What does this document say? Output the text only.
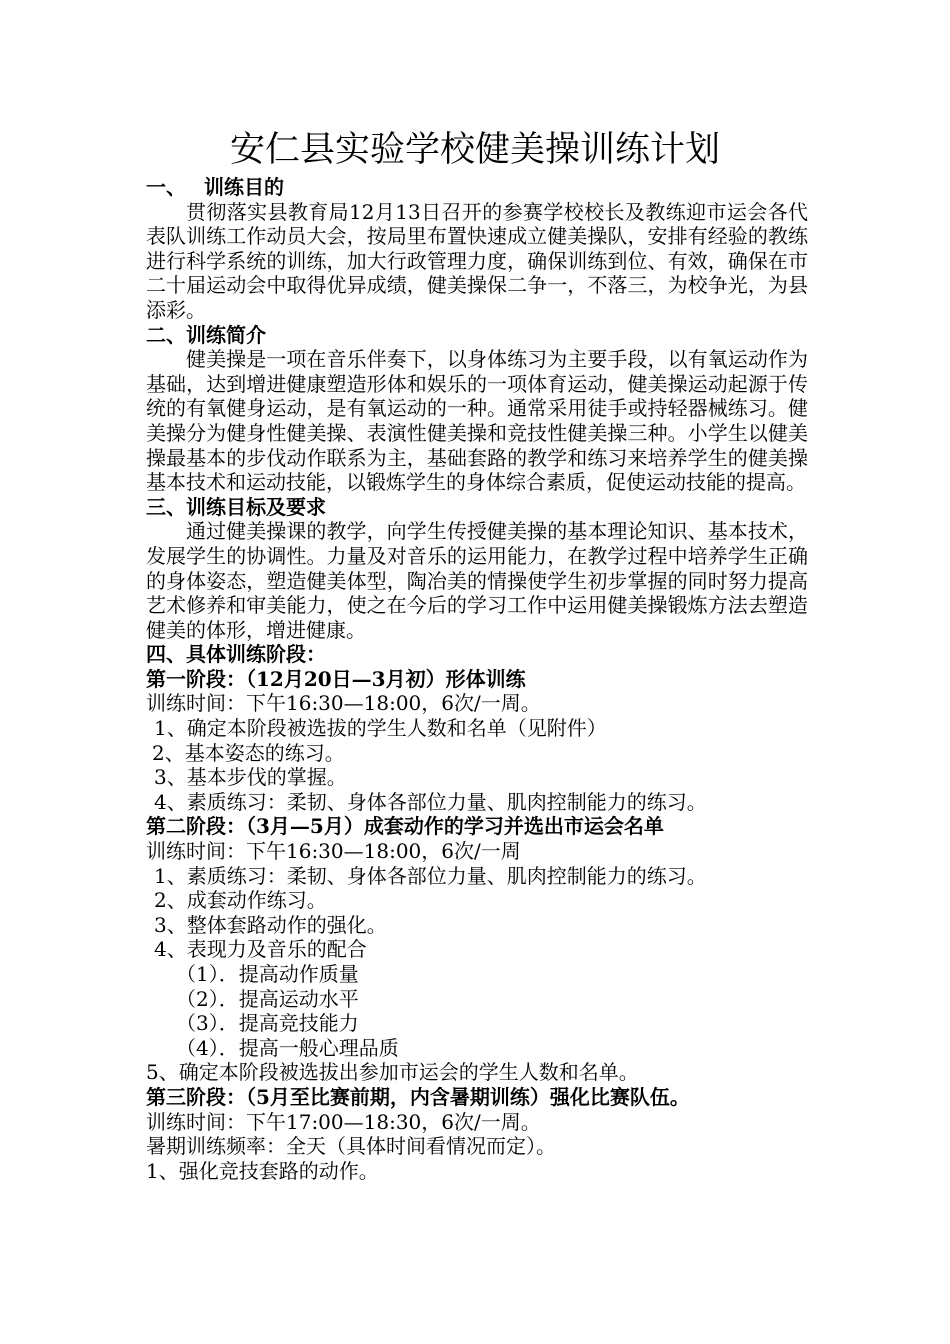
安仁县实验学校健美操训练计划

一、 训练目的

贯彻落实县教育局12月13日召开的参赛学校校长及教练迎市运会各代表队训练工作动员大会，按局里布置快速成立健美操队，安排有经验的教练进行科学系统的训练，加大行政管理力度，确保训练到位、有效，确保在市二十届运动会中取得优异成绩，健美操保二争一，不落三，为校争光，为县添彩。

二、训练简介

健美操是一项在音乐伴奏下，以身体练习为主要手段，以有氧运动作为基础，达到增进健康塑造形体和娱乐的一项体育运动，健美操运动起源于传统的有氧健身运动，是有氧运动的一种。通常采用徒手或持轻器械练习。健美操分为健身性健美操、表演性健美操和竞技性健美操三种。小学生以健美操最基本的步伐动作联系为主，基础套路的教学和练习来培养学生的健美操基本技术和运动技能，以锻炼学生的身体综合素质，促使运动技能的提高。

三、训练目标及要求

通过健美操课的教学，向学生传授健美操的基本理论知识、基本技术，发展学生的协调性。力量及对音乐的运用能力，在教学过程中培养学生正确的身体姿态，塑造健美体型，陶冶美的情操使学生初步掌握的同时努力提高艺术修养和审美能力，使之在今后的学习工作中运用健美操锻炼方法去塑造健美的体形，增进健康。

四、具体训练阶段：

第一阶段：（12月20日—3月初）形体训练

训练时间：下午16:30—18:00，6次/一周。

1、确定本阶段被选拔的学生人数和名单（见附件）

2、基本姿态的练习。

3、基本步伐的掌握。

4、素质练习：柔韧、身体各部位力量、肌肉控制能力的练习。

第二阶段：（3月—5月）成套动作的学习并选出市运会名单

训练时间：下午16:30—18:00，6次/一周

1、素质练习：柔韧、身体各部位力量、肌肉控制能力的练习。

2、成套动作练习。

3、整体套路动作的强化。

4、表现力及音乐的配合

（1）．提高动作质量

（2）．提高运动水平

（3）．提高竞技能力

（4）．提高一般心理品质

5、确定本阶段被选拔出参加市运会的学生人数和名单。

第三阶段：（5月至比赛前期，内含暑期训练）强化比赛队伍。

训练时间：下午17:00—18:30，6次/一周。

暑期训练频率：全天（具体时间看情况而定）。

1、强化竞技套路的动作。
